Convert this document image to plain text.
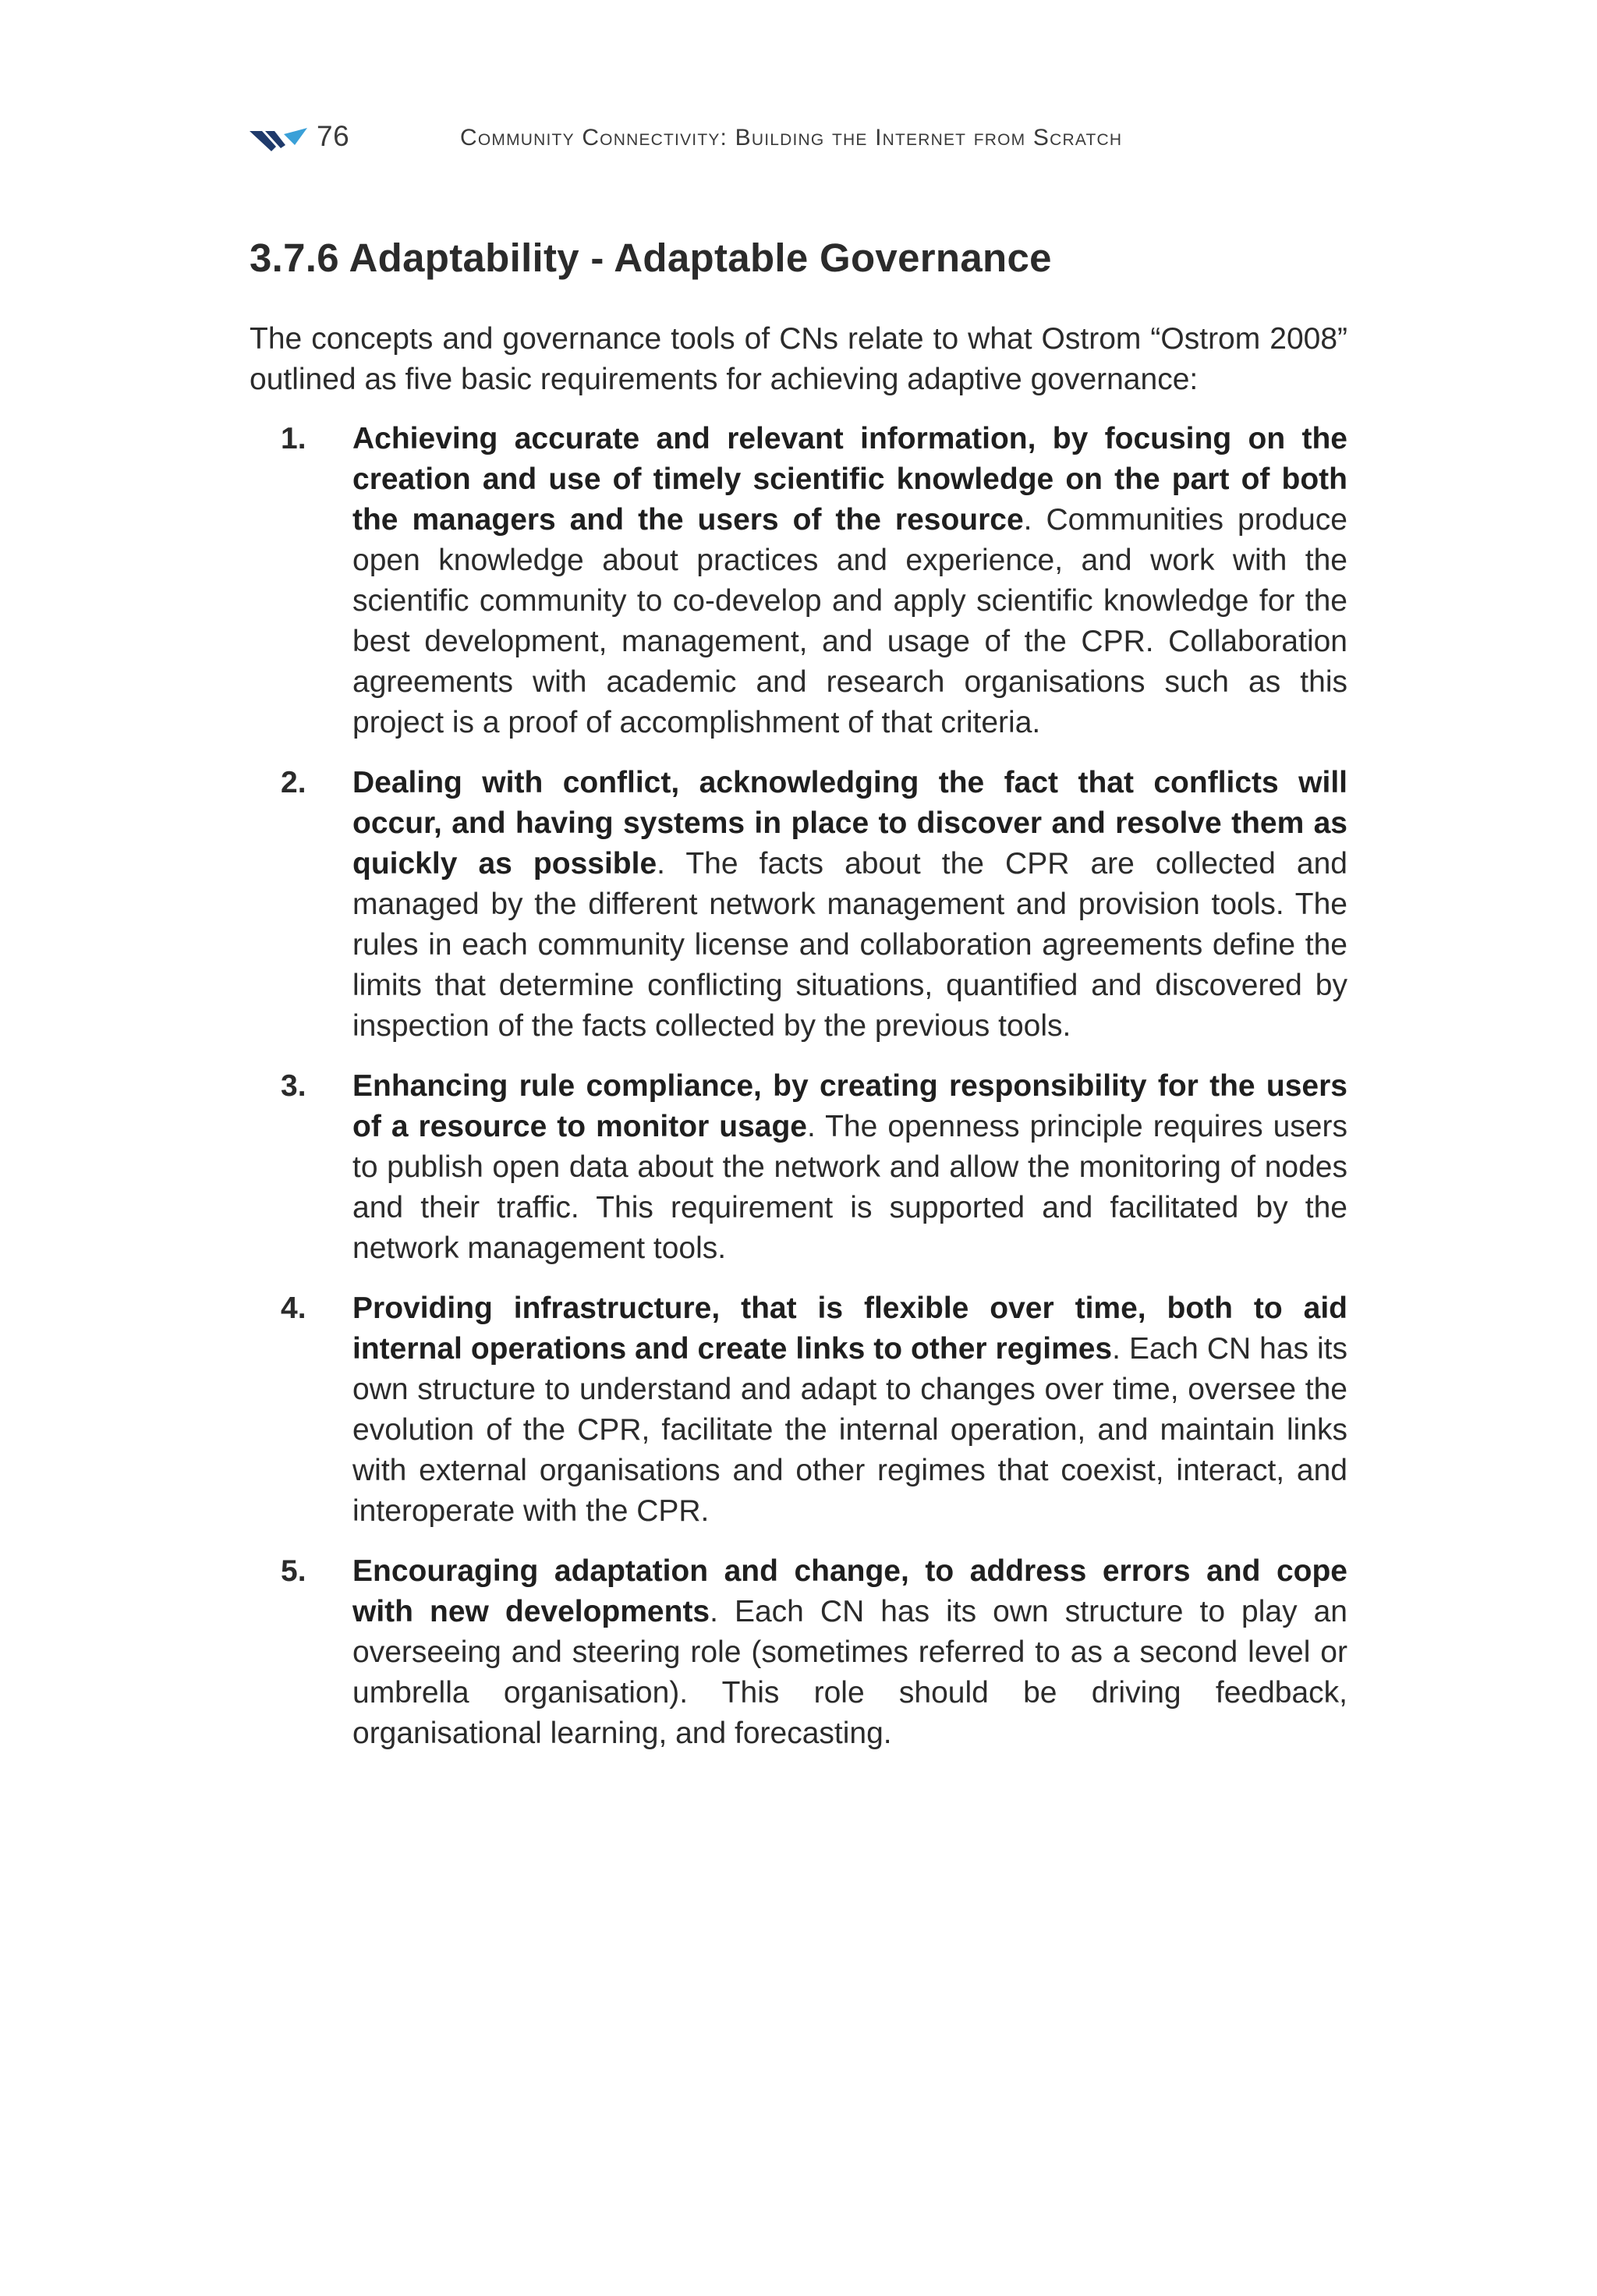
76	Community Connectivity: Building the Internet from Scratch
3.7.6 Adaptability - Adaptable Governance

The concepts and governance tools of CNs relate to what Ostrom “Ostrom 2008” outlined as five basic requirements for achieving adaptive governance:

1.	Achieving accurate and relevant information, by focusing on the creation and use of timely scientific knowledge on the part of both the managers and the users of the resource. Communities produce open knowledge about practices and experience, and work with the scientific community to co-develop and apply scientific knowledge for the best development, management, and usage of the CPR. Collaboration agreements with academic and research organisations such as this project is a proof of accomplishment of that criteria.
2.	Dealing with conflict, acknowledging the fact that conflicts will occur, and having systems in place to discover and resolve them as quickly as possible. The facts about the CPR are collected and managed by the different network management and provision tools. The rules in each community license and collaboration agreements define the limits that determine conflicting situations, quantified and discovered by inspection of the facts collected by the previous tools.
3.	Enhancing rule compliance, by creating responsibility for the users of a resource to monitor usage. The openness principle requires users to publish open data about the network and allow the monitoring of nodes and their traffic. This requirement is supported and facilitated by the network management tools.
4.	Providing infrastructure, that is flexible over time, both to aid internal operations and create links to other regimes. Each CN has its own structure to understand and adapt to changes over time, oversee the evolution of the CPR, facilitate the internal operation, and maintain links with external organisations and other regimes that coexist, interact, and interoperate with the CPR.
5.	Encouraging adaptation and change, to address errors and cope with new developments. Each CN has its own structure to play an overseeing and steering role (sometimes referred to as a second level or umbrella organisation). This role should be driving feedback, organisational learning, and forecasting.
